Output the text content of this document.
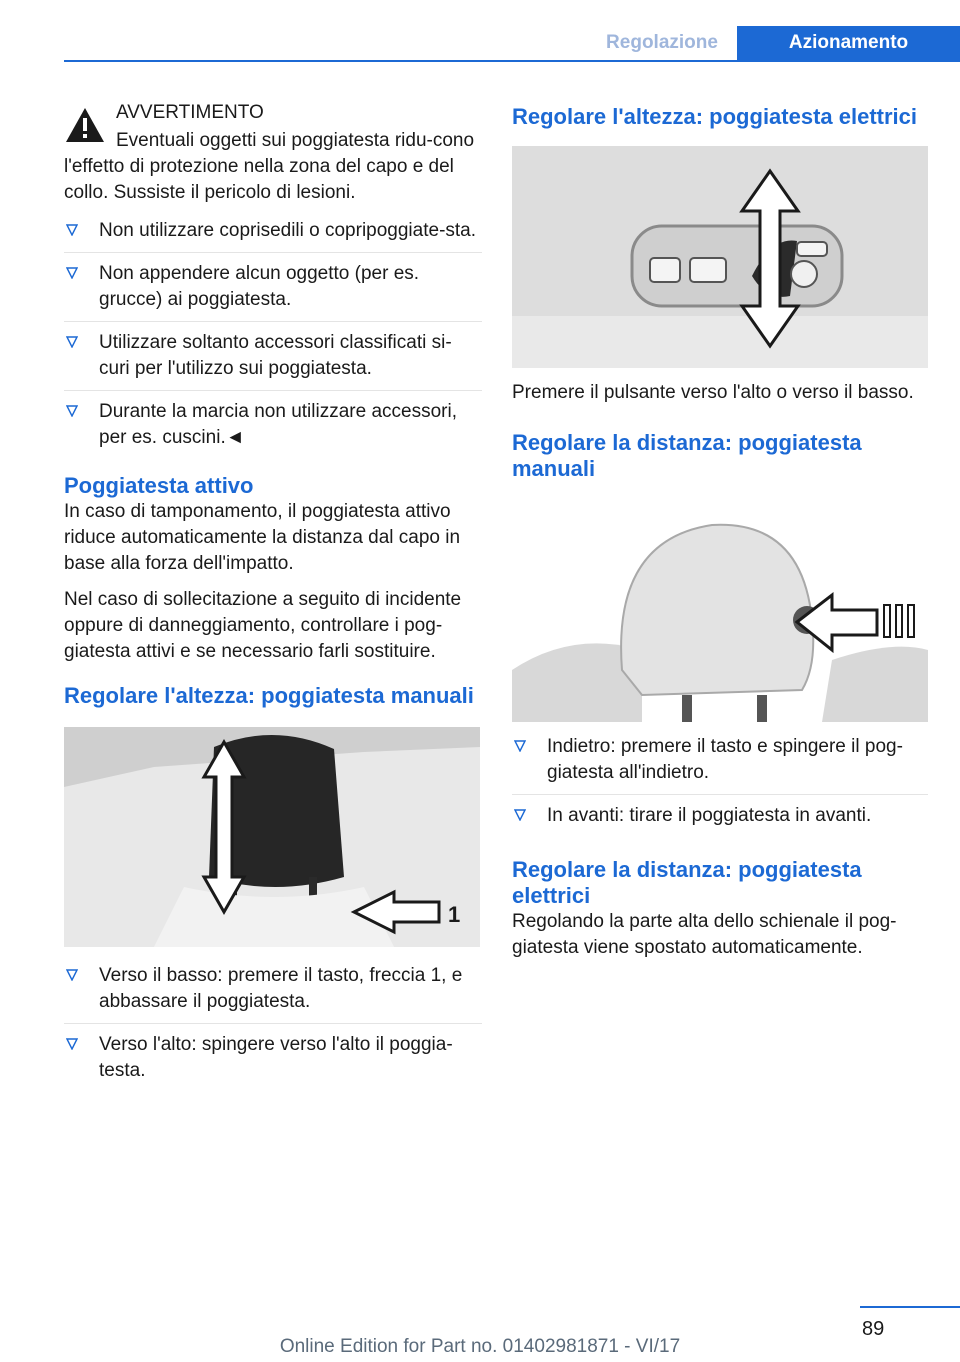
Regolazione	Azionamento

AVVERTIMENTO

Eventuali oggetti sui poggiatesta ridu-cono l'effetto di protezione nella zona del capo e del collo. Sussiste il pericolo di lesioni.

Non utilizzare coprisedili o copripoggiate-sta.
Non appendere alcun oggetto (per es. grucce) ai poggiatesta.
Utilizzare soltanto accessori classificati si-curi per l'utilizzo sui poggiatesta.
Durante la marcia non utilizzare accessori, per es. cuscini.◄
Poggiatesta attivo

In caso di tamponamento, il poggiatesta attivo riduce automaticamente la distanza dal capo in base alla forza dell'impatto.

Nel caso di sollecitazione a seguito di incidente oppure di danneggiamento, controllare i pog-giatesta attivi e se necessario farli sostituire.

Regolare l'altezza: poggiatesta manuali
1
Verso il basso: premere il tasto, freccia 1, e abbassare il poggiatesta.
Verso l'alto: spingere verso l'alto il poggia-testa.
Regolare l'altezza: poggiatesta elettrici

Premere il pulsante verso l'alto o verso il basso.

Regolare la distanza: poggiatesta manuali
Indietro: premere il tasto e spingere il pog-giatesta all'indietro.
In avanti: tirare il poggiatesta in avanti.
Regolare la distanza: poggiatesta elettrici

Regolando la parte alta dello schienale il pog-giatesta viene spostato automaticamente.

89
Online Edition for Part no. 01402981871 - VI/17
